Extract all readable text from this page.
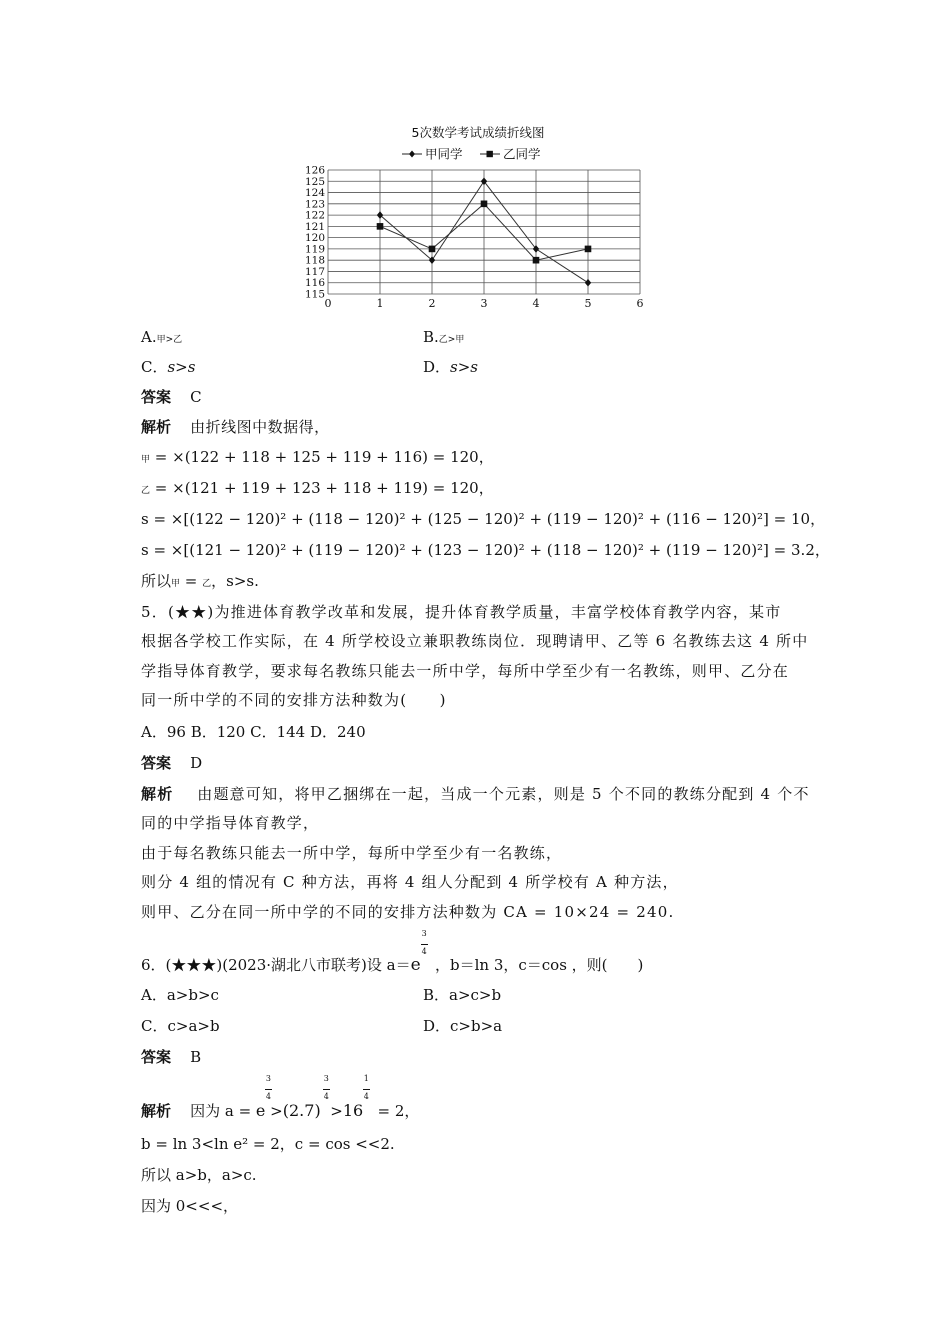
5次数学考试成绩折线图
甲同学	乙同学
115
116
117
118
119
120
121
122
123
124
125
126
0	1	2	3	4	5	6
A.甲>乙	B.乙>甲
C．s>s	D．s>s
答案 C
解析 由折线图中数据得，
甲 = ×(122 + 118 + 125 + 119 + 116) = 120，
乙 = ×(121 + 119 + 123 + 118 + 119) = 120，
s = ×[(122 − 120)² + (118 − 120)² + (125 − 120)² + (119 − 120)² + (116 − 120)²] = 10，
s = ×[(121 − 120)² + (119 − 120)² + (123 − 120)² + (118 − 120)² + (119 − 120)²] = 3.2，
所以甲 = 乙，s>s.
5．(★★)为推进体育教学改革和发展，提升体育教学质量，丰富学校体育教学内容，某市
根据各学校工作实际，在 4 所学校设立兼职教练岗位．现聘请甲、乙等 6 名教练去这 4 所中
学指导体育教学，要求每名教练只能去一所中学，每所中学至少有一名教练，则甲、乙分在
同一所中学的不同的安排方法种数为(　　)
A．96 B．120 C．144 D．240
答案 D
解析 由题意可知，将甲乙捆绑在一起，当成一个元素，则是 5 个不同的教练分配到 4 个不
同的中学指导体育教学，
由于每名教练只能去一所中学，每所中学至少有一名教练，
则分 4 组的情况有 C 种方法，再将 4 组人分配到 4 所学校有 A 种方法，
则甲、乙分在同一所中学的不同的安排方法种数为 CA = 10×24 = 240.
6．(★★★)(2023·湖北八市联考)设 a＝e
3

4
，b＝ln 3，c＝cos ，则(　　)
A．a>b>c	B．a>c>b
C．c>a>b	D．c>b>a
答案 B
解析 因为 a = e
3

4
>(2.7)
3

4
>16
1

4
= 2，
b = ln 3<ln e² = 2，c = cos <<2.
所以 a>b，a>c.
因为 0<<<，
